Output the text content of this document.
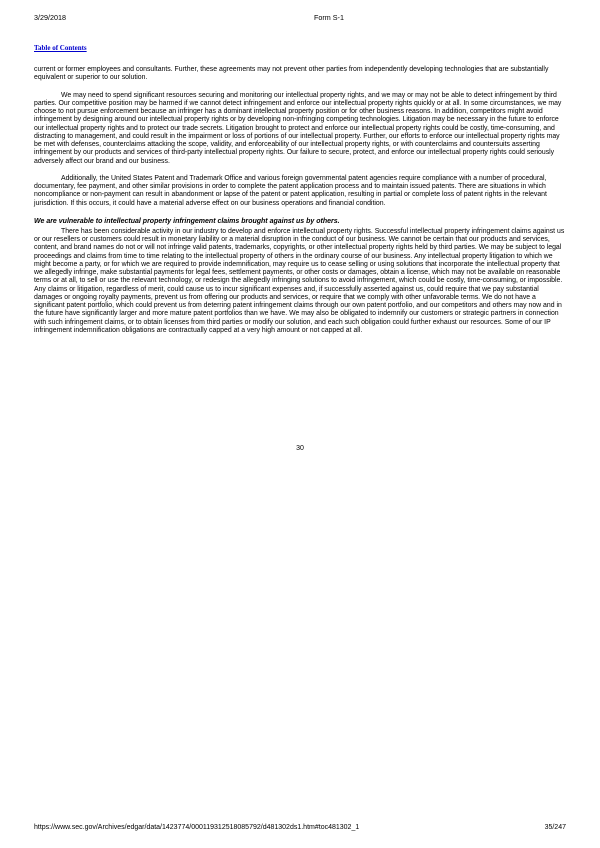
3/29/2018	Form S-1
Table of Contents

current or former employees and consultants. Further, these agreements may not prevent other parties from independently developing technologies that are substantially equivalent or superior to our solution.

We may need to spend significant resources securing and monitoring our intellectual property rights, and we may or may not be able to detect infringement by third parties. Our competitive position may be harmed if we cannot detect infringement and enforce our intellectual property rights quickly or at all. In some circumstances, we may choose to not pursue enforcement because an infringer has a dominant intellectual property position or for other business reasons. In addition, competitors might avoid infringement by designing around our intellectual property rights or by developing non-infringing competing technologies. Litigation may be necessary in the future to enforce our intellectual property rights and to protect our trade secrets. Litigation brought to protect and enforce our intellectual property rights could be costly, time-consuming, and distracting to management, and could result in the impairment or loss of portions of our intellectual property. Further, our efforts to enforce our intellectual property rights may be met with defenses, counterclaims attacking the scope, validity, and enforceability of our intellectual property rights, or with counterclaims and countersuits asserting infringement by our products and services of third-party intellectual property rights. Our failure to secure, protect, and enforce our intellectual property rights could seriously adversely affect our brand and our business.

Additionally, the United States Patent and Trademark Office and various foreign governmental patent agencies require compliance with a number of procedural, documentary, fee payment, and other similar provisions in order to complete the patent application process and to maintain issued patents. There are situations in which noncompliance or non-payment can result in abandonment or lapse of the patent or patent application, resulting in partial or complete loss of patent rights in the relevant jurisdiction. If this occurs, it could have a material adverse effect on our business operations and financial condition.

We are vulnerable to intellectual property infringement claims brought against us by others.

There has been considerable activity in our industry to develop and enforce intellectual property rights. Successful intellectual property infringement claims against us or our resellers or customers could result in monetary liability or a material disruption in the conduct of our business. We cannot be certain that our products and services, content, and brand names do not or will not infringe valid patents, trademarks, copyrights, or other intellectual property rights held by third parties. We may be subject to legal proceedings and claims from time to time relating to the intellectual property of others in the ordinary course of our business. Any intellectual property litigation to which we might become a party, or for which we are required to provide indemnification, may require us to cease selling or using solutions that incorporate the intellectual property that we allegedly infringe, make substantial payments for legal fees, settlement payments, or other costs or damages, obtain a license, which may not be available on reasonable terms or at all, to sell or use the relevant technology, or redesign the allegedly infringing solutions to avoid infringement, which could be costly, time-consuming, or impossible. Any claims or litigation, regardless of merit, could cause us to incur significant expenses and, if successfully asserted against us, could require that we pay substantial damages or ongoing royalty payments, prevent us from offering our products and services, or require that we comply with other unfavorable terms. We do not have a significant patent portfolio, which could prevent us from deterring patent infringement claims through our own patent portfolio, and our competitors and others may now and in the future have significantly larger and more mature patent portfolios than we have. We may also be obligated to indemnify our customers or strategic partners in connection with such infringement claims, or to obtain licenses from third parties or modify our solution, and each such obligation could further exhaust our resources. Some of our IP infringement indemnification obligations are contractually capped at a very high amount or not capped at all.

30
https://www.sec.gov/Archives/edgar/data/1423774/000119312518085792/d481302ds1.htm#toc481302_1	35/247
